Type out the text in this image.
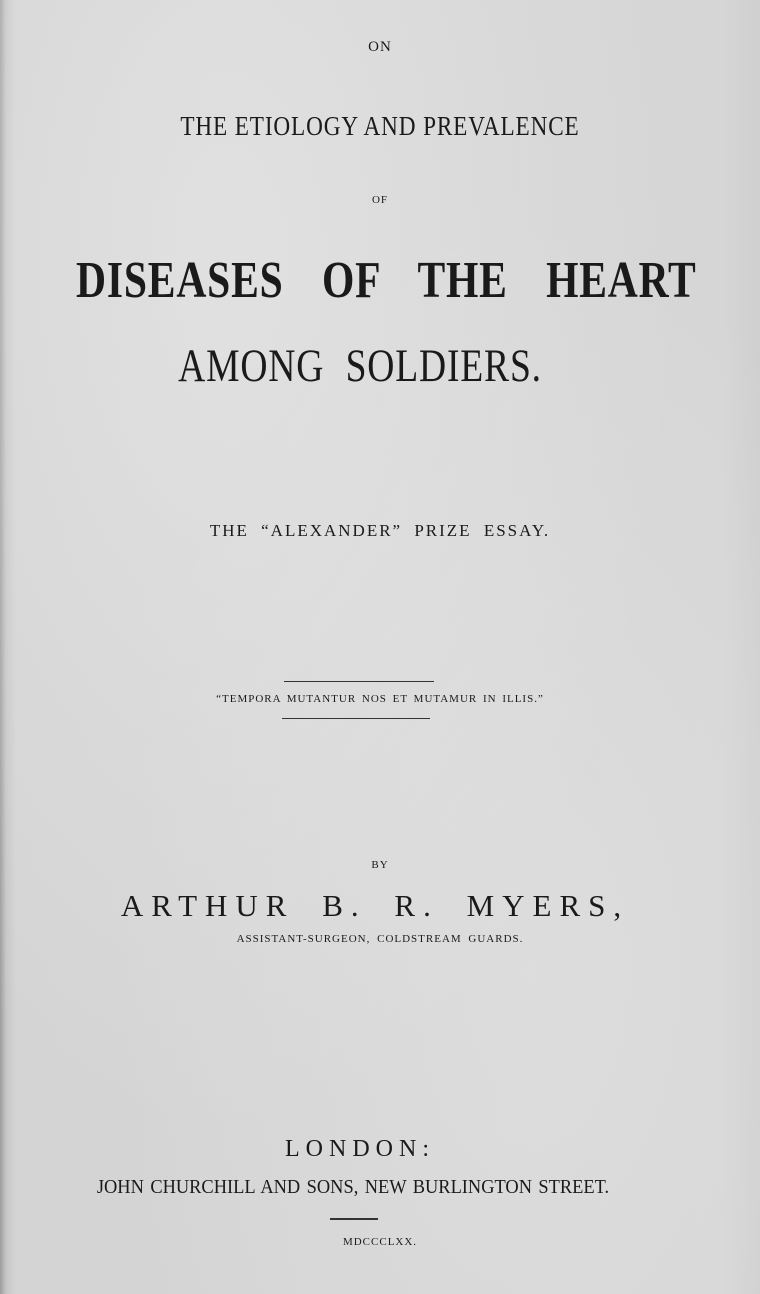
ON
THE ETIOLOGY AND PREVALENCE
OF
DISEASES OF THE HEART
AMONG SOLDIERS.
THE “ALEXANDER” PRIZE ESSAY.
“TEMPORA MUTANTUR NOS ET MUTAMUR IN ILLIS.”
BY
ARTHUR B. R. MYERS,
ASSISTANT-SURGEON, COLDSTREAM GUARDS.
LONDON:
JOHN CHURCHILL AND SONS, NEW BURLINGTON STREET.
MDCCCLXX.
